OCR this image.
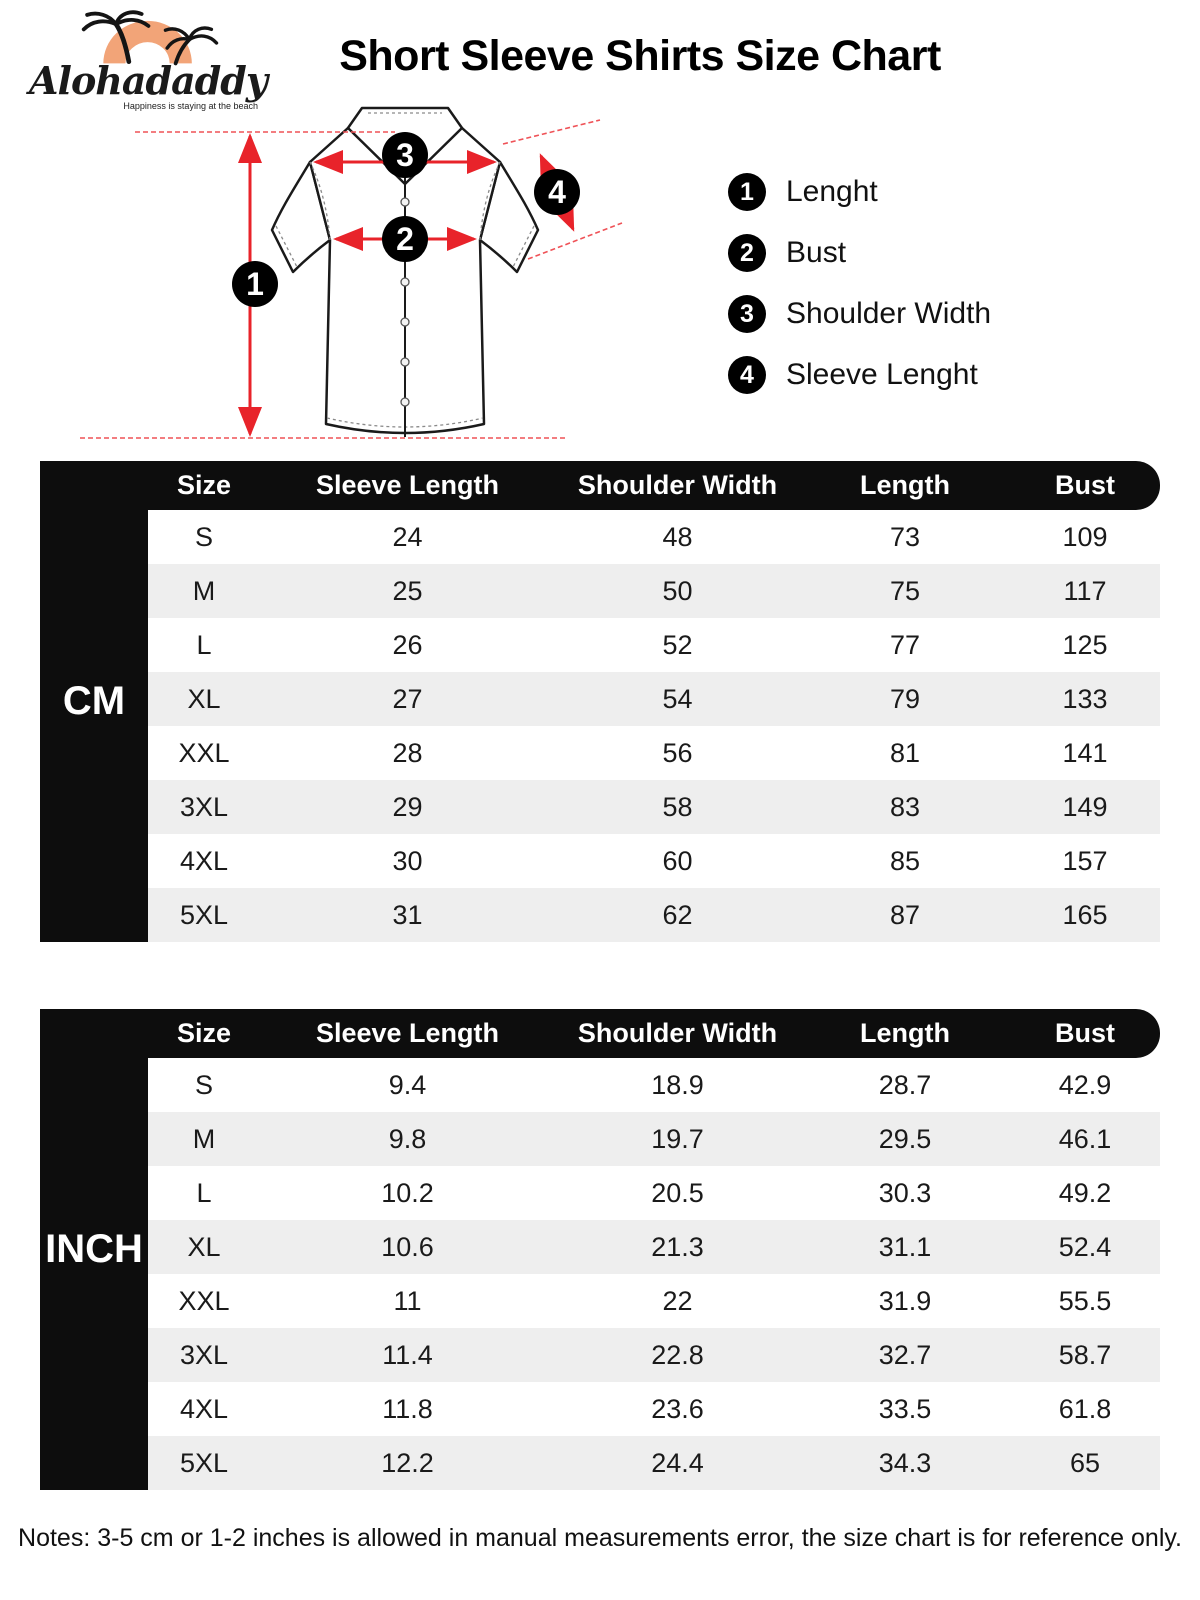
Alohadaddy
Happiness is staying at the beach
Short Sleeve Shirts Size Chart
1
2
3
4	1	Lenght
2	Bust
3	Shoulder Width
4	Sleeve Lenght
Size	Sleeve Length	Shoulder Width	Length	Bust
CM
S	24	48	73	109
M	25	50	75	117
L	26	52	77	125
XL	27	54	79	133
XXL	28	56	81	141
3XL	29	58	83	149
4XL	30	60	85	157
5XL	31	62	87	165
Size	Sleeve Length	Shoulder Width	Length	Bust
INCH
S	9.4	18.9	28.7	42.9
M	9.8	19.7	29.5	46.1
L	10.2	20.5	30.3	49.2
XL	10.6	21.3	31.1	52.4
XXL	11	22	31.9	55.5
3XL	11.4	22.8	32.7	58.7
4XL	11.8	23.6	33.5	61.8
5XL	12.2	24.4	34.3	65

Notes: 3-5 cm or 1-2 inches is allowed in manual measurements error, the size chart is for reference only.
